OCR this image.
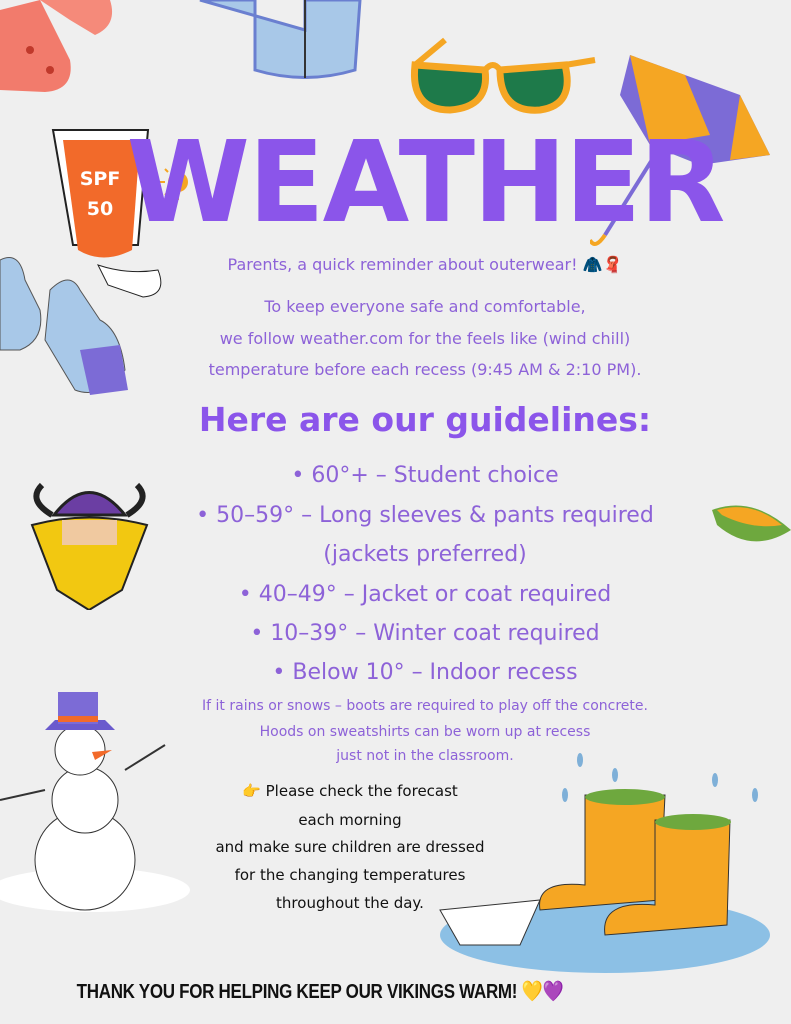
SPF
50 WEATHER
Parents, a quick reminder about outerwear! 🧥🧣
To keep everyone safe and comfortable,
we follow weather.com for the feels like (wind chill)
temperature before each recess (9:45 AM & 2:10 PM).
Here are our guidelines:
• 60°+ – Student choice
• 50–59° – Long sleeves & pants required
(jackets preferred)
• 40–49° – Jacket or coat required
• 10–39° – Winter coat required
• Below 10° – Indoor recess
If it rains or snows – boots are required to play off the concrete.
Hoods on sweatshirts can be worn up at recess
just not in the classroom.
👉 Please check the forecast
each morning
and make sure children are dressed
for the changing temperatures
throughout the day.
THANK YOU FOR HELPING KEEP OUR VIKINGS WARM! 💛💜
